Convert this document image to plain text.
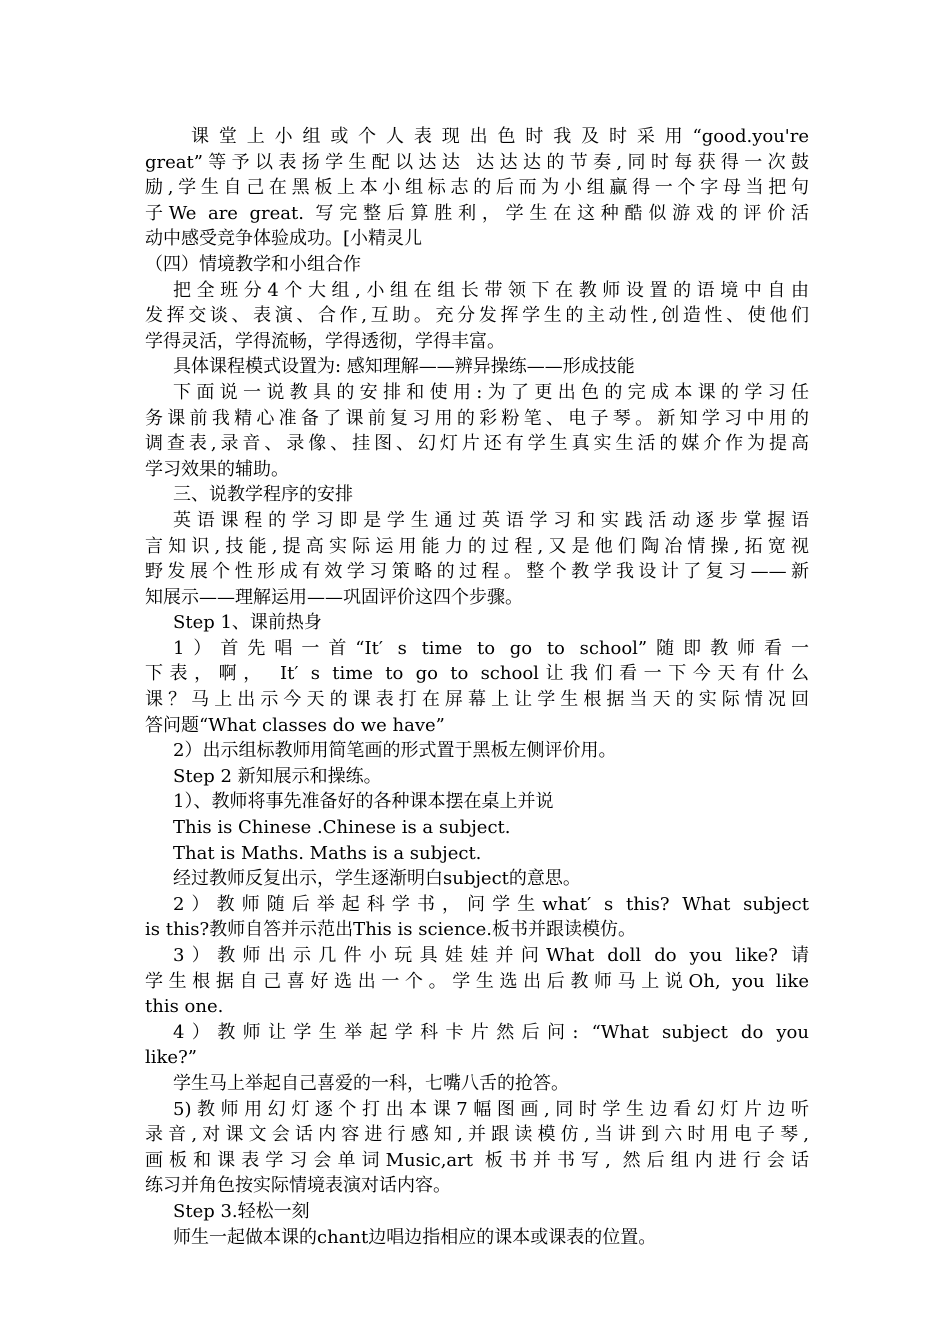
课堂上小组或个人表现出色时我及时采用“good.you're
great”等予以表扬学生配以达达 达达达的节奏,同时每获得一次鼓
励,学生自己在黑板上本小组标志的后而为小组赢得一个字母当把句
子We are great. 写完整后算胜利，学生在这种酷似游戏的评价活
动中感受竞争体验成功。[小精灵儿
（四）情境教学和小组合作
把全班分4个大组,小组在组长带领下在教师设置的语境中自由
发挥交谈、表演、合作,互助。充分发挥学生的主动性,创造性、使他们
学得灵活，学得流畅，学得透彻，学得丰富。
具体课程模式设置为: 感知理解——辨异操练——形成技能
下面说一说教具的安排和使用:为了更出色的完成本课的学习任
务课前我精心准备了课前复习用的彩粉笔、电子琴。新知学习中用的
调查表,录音、录像、挂图、幻灯片还有学生真实生活的媒介作为提高
学习效果的辅助。
三、说教学程序的安排
英语课程的学习即是学生通过英语学习和实践活动逐步掌握语
言知识,技能,提高实际运用能力的过程,又是他们陶冶情操,拓宽视
野发展个性形成有效学习策略的过程。整个教学我设计了复习——新
知展示——理解运用——巩固评价这四个步骤。
Step 1、课前热身
1）首先唱一首“It′ s time to go to school”随即教师看一
下表，啊， It′ s time to go to school让我们看一下今天有什么
课？马上出示今天的课表打在屏幕上让学生根据当天的实际情况回
答问题“What classes do we have”
2）出示组标教师用简笔画的形式置于黑板左侧评价用。
Step 2 新知展示和操练。
1）、教师将事先准备好的各种课本摆在桌上并说
This is Chinese .Chinese is a subject.
That is Maths. Maths is a subject.
经过教师反复出示，学生逐渐明白subject的意思。
2）教师随后举起科学书，问学生what′ s this? What subject
is this?教师自答并示范出This is science.板书并跟读模仿。
3）教师出示几件小玩具娃娃并问What doll do you like? 请
学生根据自己喜好选出一个。学生选出后教师马上说Oh, you like
this one.
4）教师让学生举起学科卡片然后问: “What subject do you
like?”
学生马上举起自己喜爱的一科，七嘴八舌的抢答。
5)教师用幻灯逐个打出本课7幅图画,同时学生边看幻灯片边听
录音,对课文会话内容进行感知,并跟读模仿,当讲到六时用电子琴,
画板和课表学习会单词Music,art 板书并书写, 然后组内进行会话
练习并角色按实际情境表演对话内容。
Step 3.轻松一刻
师生一起做本课的chant边唱边指相应的课本或课表的位置。
